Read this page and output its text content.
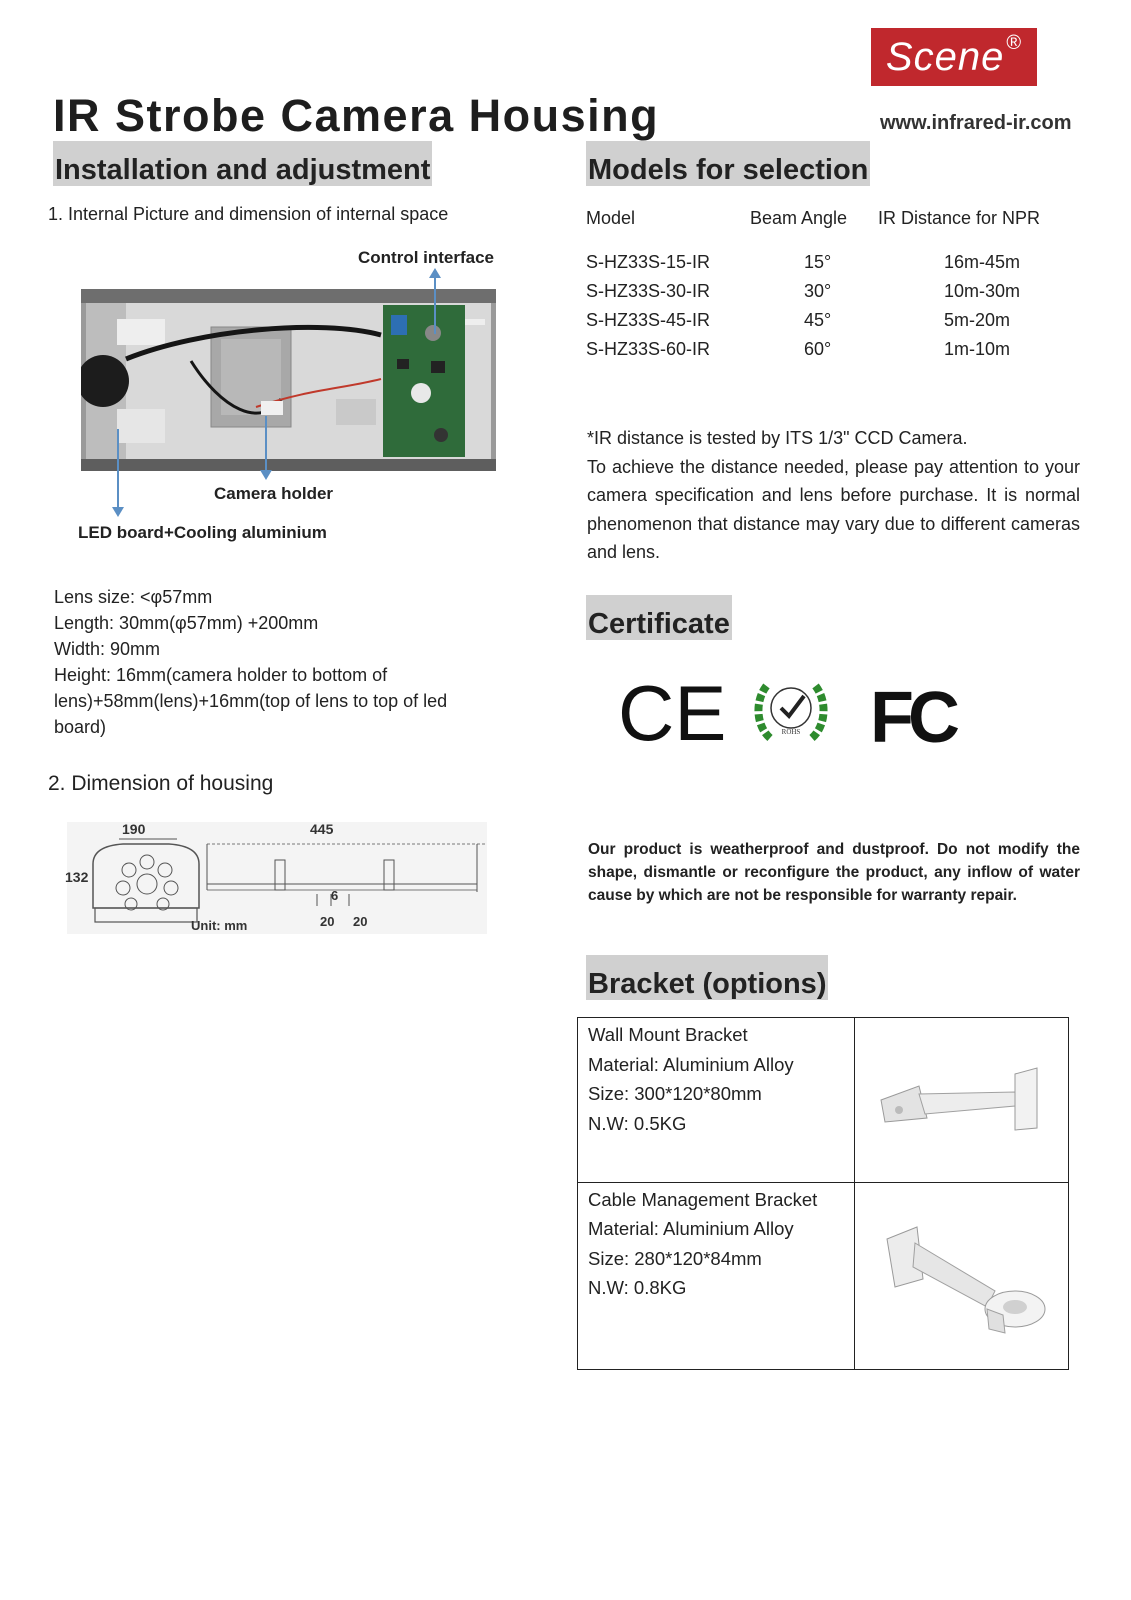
Scene ®
IR Strobe Camera Housing	www.infrared-ir.com
Installation and adjustment
1. Internal Picture and dimension of internal space
Control interface
Camera holder
LED board+Cooling aluminium
Lens size: <φ57mm
Length: 30mm(φ57mm) +200mm
Width: 90mm
Height: 16mm(camera holder to bottom of
lens)+58mm(lens)+16mm(top of lens to top of led
board)
2. Dimension of housing
190	445
132
6
20 20
Unit: mm
Models for selection
Model	Beam Angle	IR Distance for NPR
S-HZ33S-15-IR	15°	16m-45m
S-HZ33S-30-IR	30°	10m-30m
S-HZ33S-45-IR	45°	5m-20m
S-HZ33S-60-IR	60°	1m-10m
*IR distance is tested by ITS 1/3" CCD Camera.
To achieve the distance needed, please pay attention to your camera specification and lens before purchase. It is normal phenomenon that distance may vary due to different cameras and lens.
Certificate
CE	ROHS FC
Our product is weatherproof and dustproof. Do not modify the shape, dismantle or reconfigure the product, any inflow of water cause by which are not be responsible for warranty repair.
Bracket (options)
Wall Mount Bracket
Material: Aluminium Alloy
Size: 300*120*80mm
N.W: 0.5KG

Cable Management Bracket
Material: Aluminium Alloy
Size: 280*120*84mm
N.W: 0.8KG
